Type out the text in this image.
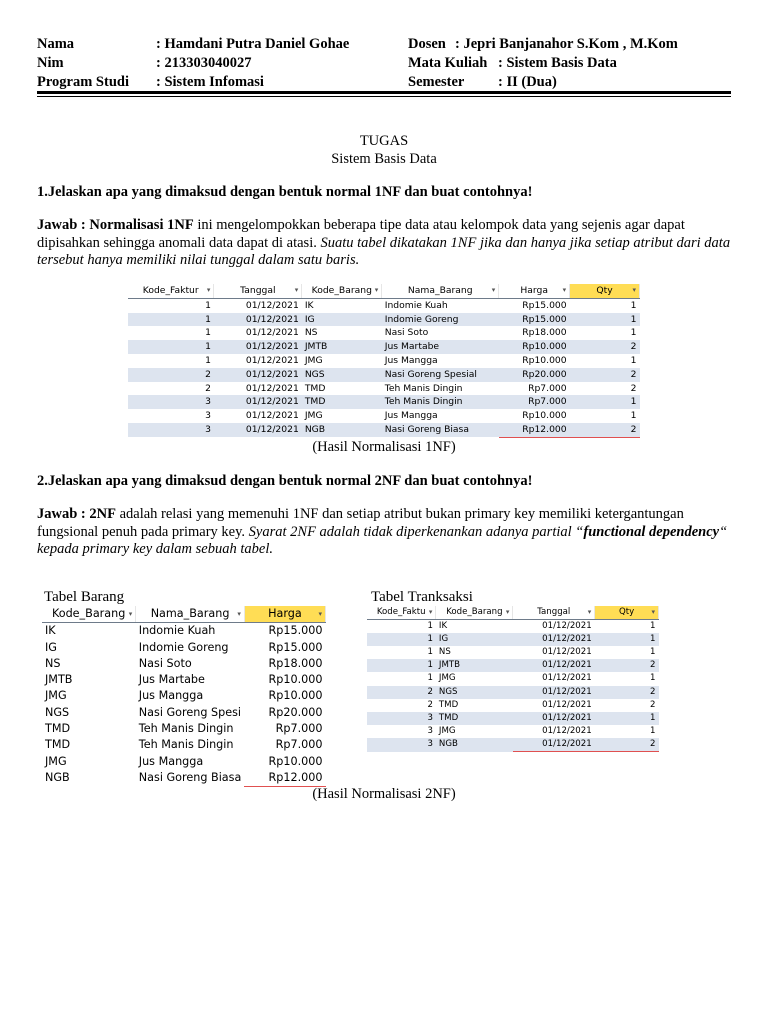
Nama	: Hamdani Putra Daniel Gohae
Nim	: 213303040027
Program Studi : Sistem Infomasi
Dosen : Jepri Banjanahor S.Kom , M.Kom
Mata Kuliah : Sistem Basis Data
Semester : II (Dua)
TUGAS
Sistem Basis Data
1.Jelaskan apa yang dimaksud dengan bentuk normal 1NF dan buat contohnya!
Jawab : Normalisasi 1NF ini mengelompokkan beberapa tipe data atau kelompok data yang sejenis agar dapat dipisahkan sehingga anomali data dapat di atasi. Suatu tabel dikatakan 1NF jika dan hanya jika setiap atribut dari data tersebut hanya memiliki nilai tunggal dalam satu baris.
Kode_Faktur ▾	Tanggal ▾	Kode_Barang ▾	Nama_Barang ▾	Harga ▾	Qty ▾

1	01/12/2021	IK	Indomie Kuah	Rp15.000	1
1	01/12/2021	IG	Indomie Goreng	Rp15.000	1
1	01/12/2021	NS	Nasi Soto	Rp18.000	1
1	01/12/2021	JMTB	Jus Martabe	Rp10.000	2
1	01/12/2021	JMG	Jus Mangga	Rp10.000	1
2	01/12/2021	NGS	Nasi Goreng Spesial	Rp20.000	2
2	01/12/2021	TMD	Teh Manis Dingin	Rp7.000	2
3	01/12/2021	TMD	Teh Manis Dingin	Rp7.000	1
3	01/12/2021	JMG	Jus Mangga	Rp10.000	1
3	01/12/2021	NGB	Nasi Goreng Biasa	Rp12.000	2
(Hasil Normalisasi 1NF)
2.Jelaskan apa yang dimaksud dengan bentuk normal 2NF dan buat contohnya!
Jawab : 2NF adalah relasi yang memenuhi 1NF dan setiap atribut bukan primary key memiliki ketergantungan fungsional penuh pada primary key. Syarat 2NF adalah tidak diperkenankan adanya partial “functional dependency“ kepada primary key dalam sebuah tabel.
Tabel Barang	Tabel Tranksaksi
Kode_Barang ▾	Nama_Barang ▾	Harga ▾

IK	Indomie Kuah	Rp15.000
IG	Indomie Goreng	Rp15.000
NS	Nasi Soto	Rp18.000
JMTB	Jus Martabe	Rp10.000
JMG	Jus Mangga	Rp10.000
NGS	Nasi Goreng Spesi	Rp20.000
TMD	Teh Manis Dingin	Rp7.000
TMD	Teh Manis Dingin	Rp7.000
JMG	Jus Mangga	Rp10.000
NGB	Nasi Goreng Biasa	Rp12.000
Kode_Faktu ▾	Kode_Barang ▾	Tanggal ▾	Qty ▾

1	IK	01/12/2021	1
1	IG	01/12/2021	1
1	NS	01/12/2021	1
1	JMTB	01/12/2021	2
1	JMG	01/12/2021	1
2	NGS	01/12/2021	2
2	TMD	01/12/2021	2
3	TMD	01/12/2021	1
3	JMG	01/12/2021	1
3	NGB	01/12/2021	2
(Hasil Normalisasi 2NF)
